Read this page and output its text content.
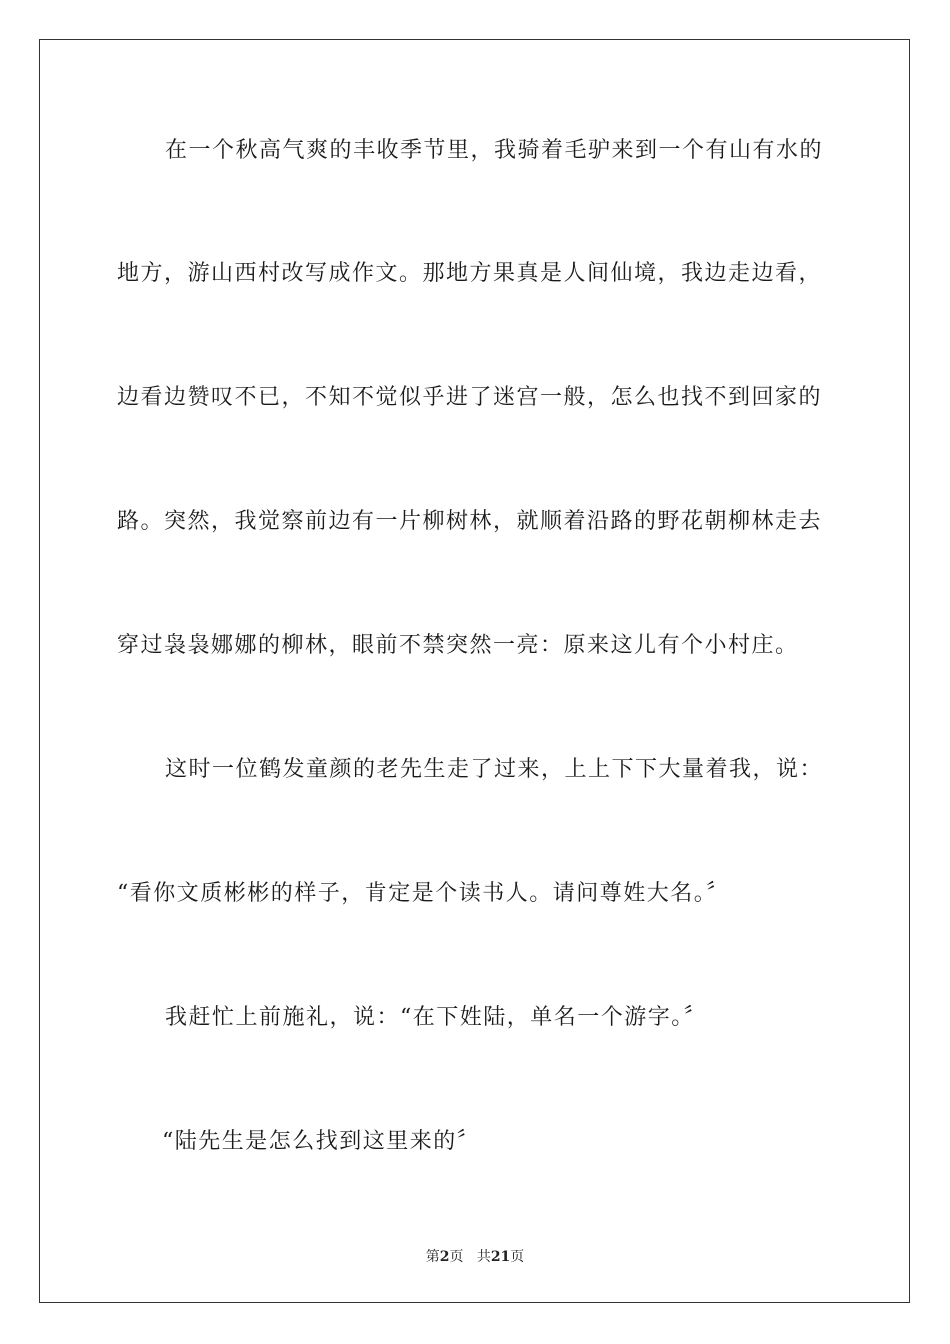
在一个秋高气爽的丰收季节里，我骑着毛驴来到一个有山有水的
地方，游山西村改写成作文。那地方果真是人间仙境，我边走边看，
边看边赞叹不已，不知不觉似乎进了迷宫一般，怎么也找不到回家的
路。突然，我觉察前边有一片柳树林，就顺着沿路的野花朝柳林走去
穿过袅袅娜娜的柳林，眼前不禁突然一亮：原来这儿有个小村庄。
这时一位鹤发童颜的老先生走了过来，上上下下大量着我，说：
“看你文质彬彬的样子，肯定是个读书人。请问尊姓大名。〞
我赶忙上前施礼，说：“在下姓陆，单名一个游字。〞
“陆先生是怎么找到这里来的〞
第2页 共21页
